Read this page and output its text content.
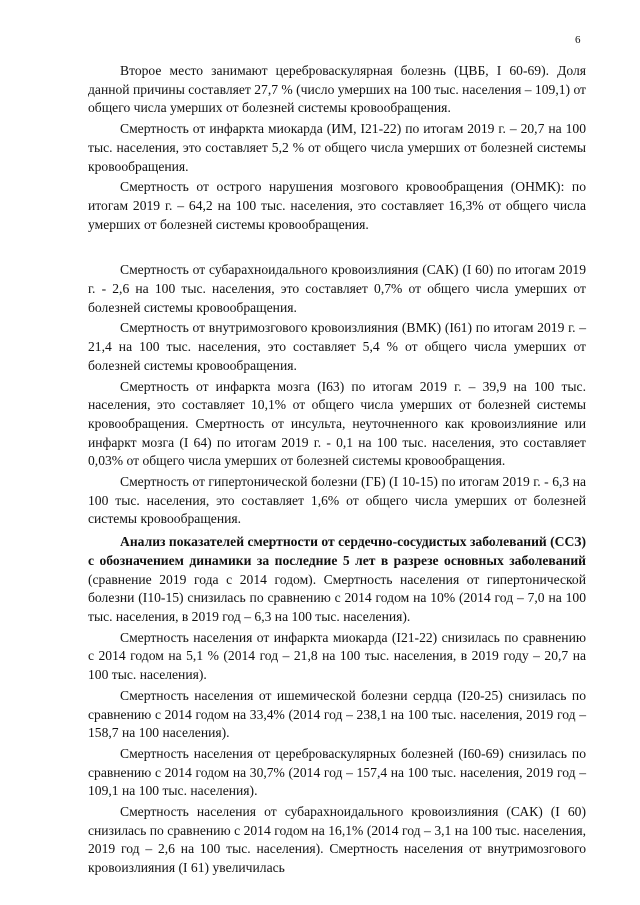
6

Второе место занимают цереброваскулярная болезнь (ЦВБ, I 60-69). Доля данной причины составляет 27,7 % (число умерших на 100 тыс. населения – 109,1) от общего числа умерших от болезней системы кровообращения.

Смертность от инфаркта миокарда (ИМ, I21-22) по итогам 2019 г. – 20,7 на 100 тыс. населения, это составляет 5,2 % от общего числа умерших от болезней системы кровообращения.

Смертность от острого нарушения мозгового кровообращения (ОНМК): по итогам 2019 г. – 64,2 на 100 тыс. населения, это составляет 16,3% от общего числа умерших от болезней системы кровообращения.

Смертность от субарахноидального кровоизлияния (САК) (I 60) по итогам 2019 г. - 2,6 на 100 тыс. населения, это составляет 0,7% от общего числа умерших от болезней системы кровообращения.

Смертность от внутримозгового кровоизлияния (ВМК) (I61) по итогам 2019 г. – 21,4 на 100 тыс. населения, это составляет 5,4 % от общего числа умерших от болезней системы кровообращения.

Смертность от инфаркта мозга (I63) по итогам 2019 г. – 39,9 на 100 тыс. населения, это составляет 10,1% от общего числа умерших от болезней системы кровообращения. Смертность от инсульта, неуточненного как кровоизлияние или инфаркт мозга (I 64) по итогам 2019 г. - 0,1 на 100 тыс. населения, это составляет 0,03% от общего числа умерших от болезней системы кровообращения.

Смертность от гипертонической болезни (ГБ) (I 10-15) по итогам 2019 г. - 6,3 на 100 тыс. населения, это составляет 1,6% от общего числа умерших от болезней системы кровообращения.

Анализ показателей смертности от сердечно-сосудистых заболеваний (ССЗ) с обозначением динамики за последние 5 лет в разрезе основных заболеваний (сравнение 2019 года с 2014 годом). Смертность населения от гипертонической болезни (I10-15) снизилась по сравнению с 2014 годом на 10% (2014 год – 7,0 на 100 тыс. населения, в 2019 год – 6,3 на 100 тыс. населения).

Смертность населения от инфаркта миокарда (I21-22) снизилась по сравнению с 2014 годом на 5,1 % (2014 год – 21,8 на 100 тыс. населения, в 2019 году – 20,7 на 100 тыс. населения).

Смертность населения от ишемической болезни сердца (I20-25) снизилась по сравнению с 2014 годом на 33,4% (2014 год – 238,1 на 100 тыс. населения, 2019 год – 158,7 на 100 населения).

Смертность населения от цереброваскулярных болезней (I60-69) снизилась по сравнению с 2014 годом на 30,7% (2014 год – 157,4 на 100 тыс. населения, 2019 год – 109,1 на 100 тыс. населения).

Смертность населения от субарахноидального кровоизлияния (САК) (I 60) снизилась по сравнению с 2014 годом на 16,1% (2014 год – 3,1 на 100 тыс. населения, 2019 год – 2,6 на 100 тыс. населения). Смертность населения от внутримозгового кровоизлияния (I 61) увеличилась
